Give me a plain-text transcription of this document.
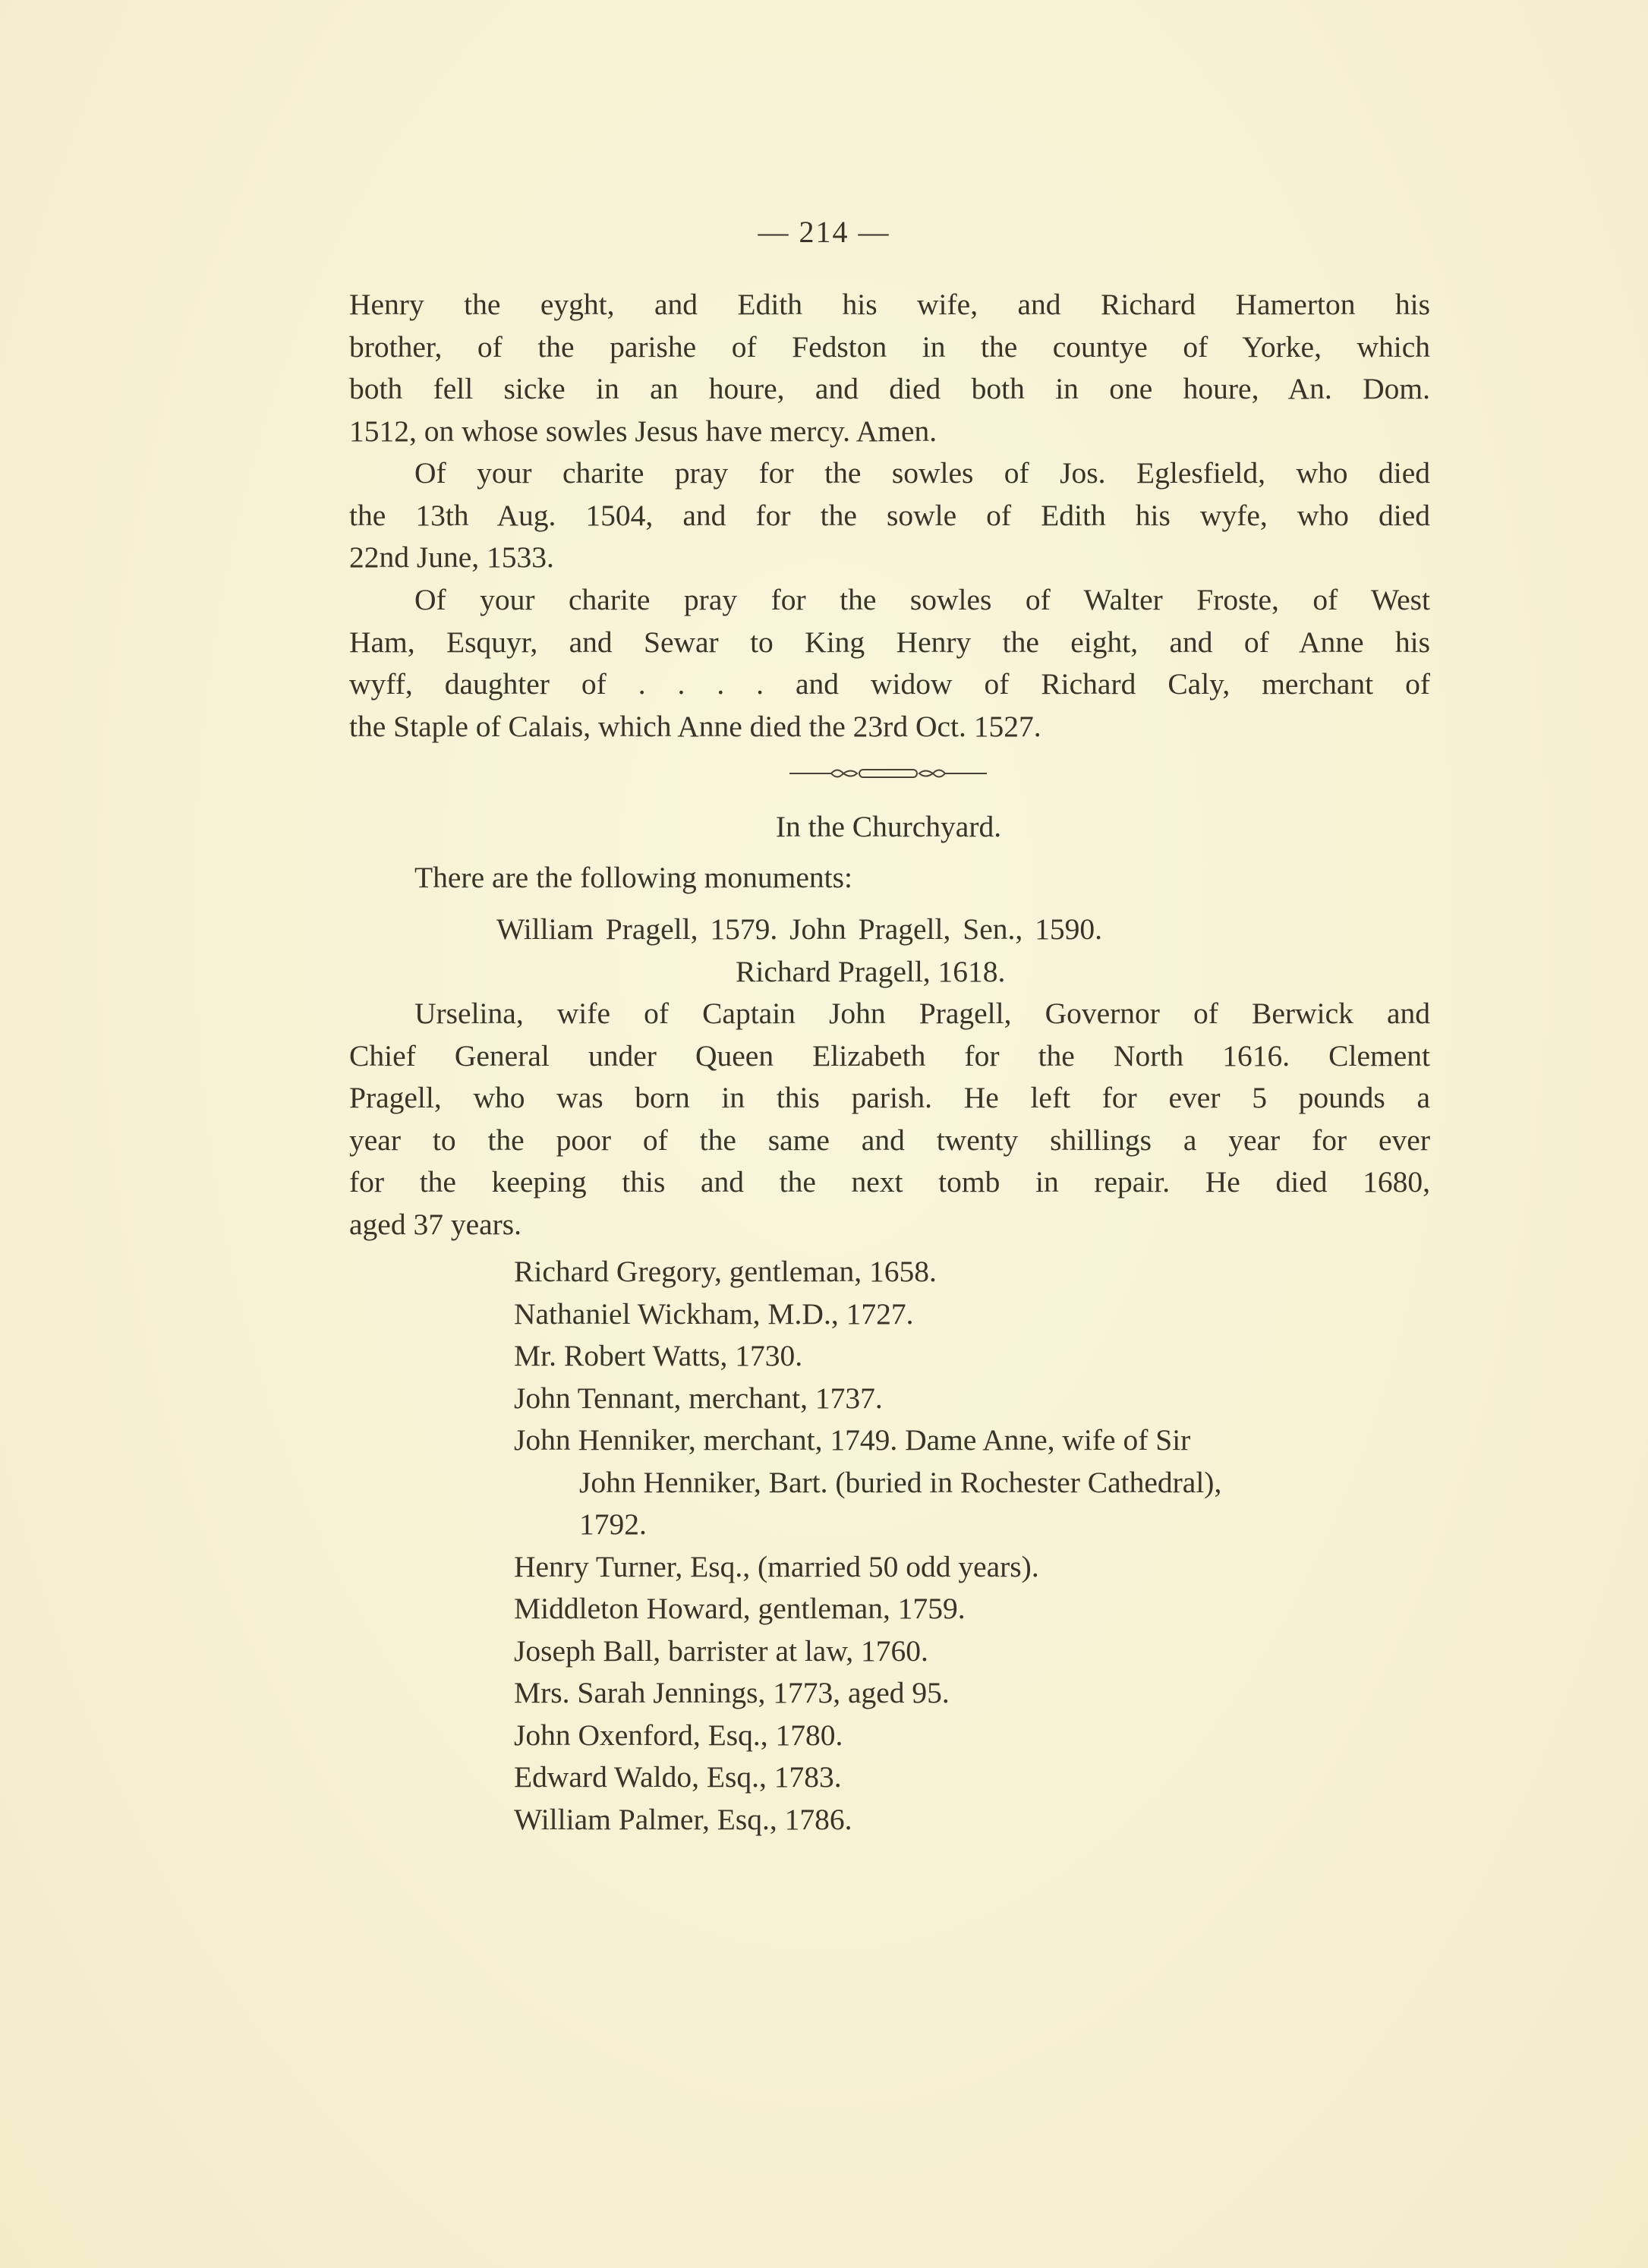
— 214 —
Henry the eyght, and Edith his wife, and Richard Hamerton his
brother, of the parishe of Fedston in the countye of Yorke, which
both fell sicke in an houre, and died both in one houre, An. Dom.
1512, on whose sowles Jesus have mercy. Amen.
Of your charite pray for the sowles of Jos. Eglesfield, who died
the 13th Aug. 1504, and for the sowle of Edith his wyfe, who died
22nd June, 1533.
Of your charite pray for the sowles of Walter Froste, of West
Ham, Esquyr, and Sewar to King Henry the eight, and of Anne his
wyff, daughter of . . . . and widow of Richard Caly, merchant of
the Staple of Calais, which Anne died the 23rd Oct. 1527.
In the Churchyard.
There are the following monuments:
William Pragell, 1579. John Pragell, Sen., 1590.
Richard Pragell, 1618.
Urselina, wife of Captain John Pragell, Governor of Berwick and
Chief General under Queen Elizabeth for the North 1616. Clement
Pragell, who was born in this parish. He left for ever 5 pounds a
year to the poor of the same and twenty shillings a year for ever
for the keeping this and the next tomb in repair. He died 1680,
aged 37 years.
Richard Gregory, gentleman, 1658.
Nathaniel Wickham, M.D., 1727.
Mr. Robert Watts, 1730.
John Tennant, merchant, 1737.
John Henniker, merchant, 1749. Dame Anne, wife of Sir
John Henniker, Bart. (buried in Rochester Cathedral),
1792.
Henry Turner, Esq., (married 50 odd years).
Middleton Howard, gentleman, 1759.
Joseph Ball, barrister at law, 1760.
Mrs. Sarah Jennings, 1773, aged 95.
John Oxenford, Esq., 1780.
Edward Waldo, Esq., 1783.
William Palmer, Esq., 1786.
